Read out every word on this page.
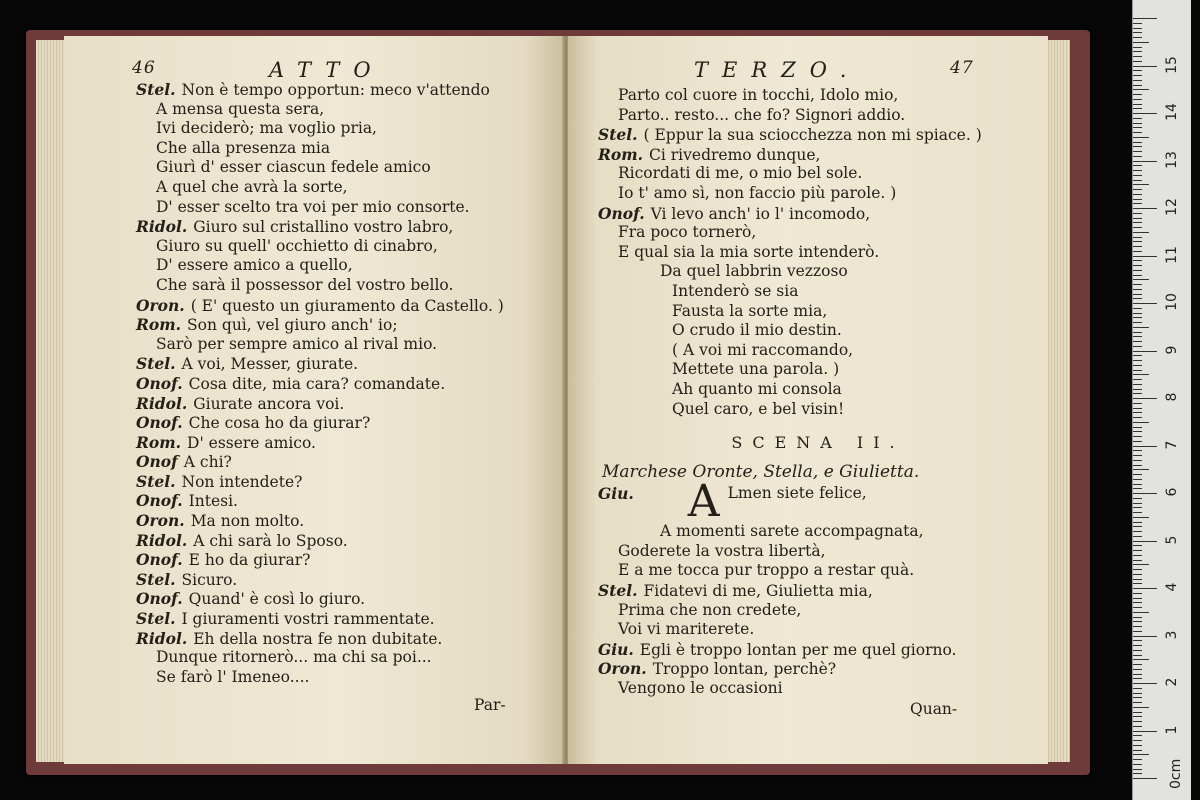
46	ATTO
Stel. Non è tempo opportun: meco v'attendo
A mensa questa sera,
Ivi deciderò; ma voglio pria,
Che alla presenza mia
Giurì d' esser ciascun fedele amico
A quel che avrà la sorte,
D' esser scelto tra voi per mio consorte.
Ridol. Giuro sul cristallino vostro labro,
Giuro su quell' occhietto di cinabro,
D' essere amico a quello,
Che sarà il possessor del vostro bello.
Oron. ( E' questo un giuramento da Castello. )
Rom. Son quì, vel giuro anch' io;
Sarò per sempre amico al rival mio.
Stel. A voi, Messer, giurate.
Onof. Cosa dite, mia cara? comandate.
Ridol. Giurate ancora voi.
Onof. Che cosa ho da giurar?
Rom. D' essere amico.
Onof A chi?
Stel. Non intendete?
Onof. Intesi.
Oron. Ma non molto.
Ridol. A chi sarà lo Sposo.
Onof. E ho da giurar?
Stel. Sicuro.
Onof. Quand' è così lo giuro.
Stel. I giuramenti vostri rammentate.
Ridol. Eh della nostra fe non dubitate.
Dunque ritornerò... ma chi sa poi...
Se farò l' Imeneo....
Par-
TERZO.	47
Parto col cuore in tocchi, Idolo mio,
Parto.. resto... che fo? Signori addio.
Stel. ( Eppur la sua sciocchezza non mi spiace. )
Rom. Ci rivedremo dunque,
Ricordati di me, o mio bel sole.
Io t' amo sì, non faccio più parole. )
Onof. Vi levo anch' io l' incomodo,
Fra poco tornerò,
E qual sia la mia sorte intenderò.
Da quel labbrin vezzoso
Intenderò se sia
Fausta la sorte mia,
O crudo il mio destin.
( A voi mi raccomando,
Mettete una parola. )
Ah quanto mi consola
Quel caro, e bel visin!
SCENA II.
Marchese Oronte, Stella, e Giulietta.
Giu. A Lmen siete felice,
A momenti sarete accompagnata,
Goderete la vostra libertà,
E a me tocca pur troppo a restar quà.
Stel. Fidatevi di me, Giulietta mia,
Prima che non credete,
Voi vi mariterete.
Giu. Egli è troppo lontan per me quel giorno.
Oron. Troppo lontan, perchè?
Vengono le occasioni
Quan-
0cm
1
2
3
4
5
6
7
8
9
10
11
12
13
14
15
